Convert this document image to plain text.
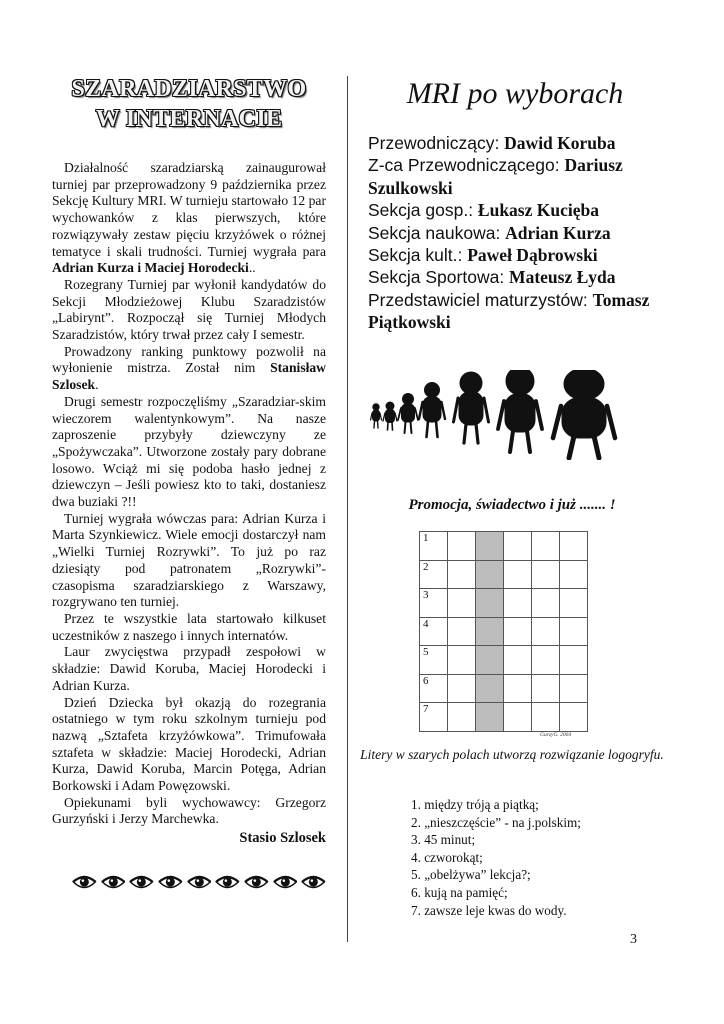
SZARADZIARSTWO
W INTERNACIE

Działalność szaradziarską zainaugurował turniej par przeprowadzony 9 października przez Sekcję Kultury MRI. W turnieju startowało 12 par wychowanków z klas pierwszych, które rozwiązywały zestaw pięciu krzyżówek o różnej tematyce i skali trudności. Turniej wygrała para Adrian Kurza i Maciej Horodecki..

Rozegrany Turniej par wyłonił kandydatów do Sekcji Młodzieżowej Klubu Szaradzistów „Labirynt”. Rozpoczął się Turniej Młodych Szaradzistów, który trwał przez cały I semestr.

Prowadzony ranking punktowy pozwolił na wyłonienie mistrza. Został nim Stanisław Szlosek.

Drugi semestr rozpoczęliśmy „Szaradziar-skim wieczorem walentynkowym”. Na nasze zaproszenie przybyły dziewczyny ze „Spożywczaka”. Utworzone zostały pary dobrane losowo. Wciąż mi się podoba hasło jednej z dziewczyn – Jeśli powiesz kto to taki, dostaniesz dwa buziaki ?!!

Turniej wygrała wówczas para: Adrian Kurza i Marta Szynkiewicz. Wiele emocji dostarczył nam „Wielki Turniej Rozrywki”. To już po raz dziesiąty pod patronatem „Rozrywki”- czasopisma szaradziarskiego z Warszawy, rozgrywano ten turniej.

Przez te wszystkie lata startowało kilkuset uczestników z naszego i innych internatów.

Laur zwycięstwa przypadł zespołowi w składzie: Dawid Koruba, Maciej Horodecki i Adrian Kurza.

Dzień Dziecka był okazją do rozegrania ostatniego w tym roku szkolnym turnieju pod nazwą „Sztafeta krzyżówkowa”. Trimufowała sztafeta w składzie: Maciej Horodecki, Adrian Kurza, Dawid Koruba, Marcin Potęga, Adrian Borkowski i Adam Powęzowski.

Opiekunami byli wychowawcy: Grzegorz Gurzyński i Jerzy Marchewka.

Stasio Szlosek
MRI po wyborach
Przewodniczący: Dawid Koruba
Z-ca Przewodniczącego: Dariusz Szulkowski
Sekcja gosp.: Łukasz Kucięba
Sekcja naukowa: Adrian Kurza
Sekcja kult.: Paweł Dąbrowski
Sekcja Sportowa: Mateusz Łyda
Przedstawiciel maturzystów: Tomasz Piątkowski
Promocja, świadectwo i już ....... !
1					

2					

3					

4					

5					

6					

7					

GurzyG. 2004
Litery w szarych polach utworzą rozwiązanie logogryfu.
1. między tróją a piątką;
2. „nieszczęście” - na j.polskim;
3. 45 minut;
4. czworokąt;
5. „obelżywa” lekcja?;
6. kują na pamięć;
7. zawsze leje kwas do wody.
3
